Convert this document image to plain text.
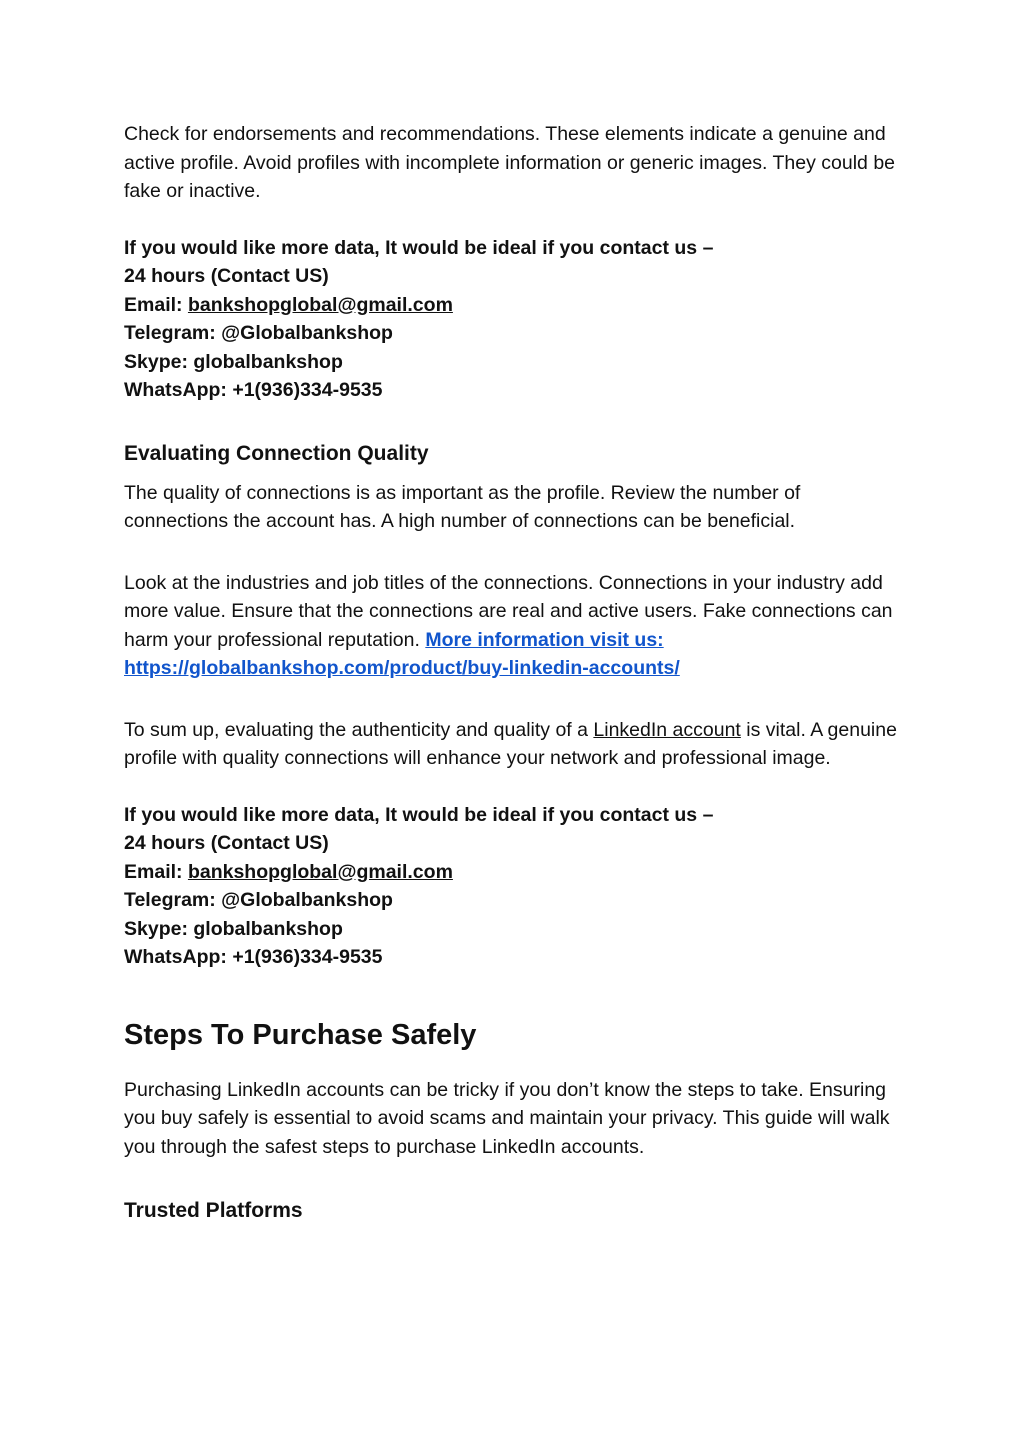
Check for endorsements and recommendations. These elements indicate a genuine and active profile. Avoid profiles with incomplete information or generic images. They could be fake or inactive.

If you would like more data, It would be ideal if you contact us –

24 hours (Contact US)

Email: bankshopglobal@gmail.com

Telegram: @Globalbankshop

Skype: globalbankshop

WhatsApp: +1(936)334-9535

Evaluating Connection Quality

The quality of connections is as important as the profile. Review the number of connections the account has. A high number of connections can be beneficial.

Look at the industries and job titles of the connections. Connections in your industry add more value. Ensure that the connections are real and active users. Fake connections can harm your professional reputation. More information visit us: https://globalbankshop.com/product/buy-linkedin-accounts/

To sum up, evaluating the authenticity and quality of a LinkedIn account is vital. A genuine profile with quality connections will enhance your network and professional image.

If you would like more data, It would be ideal if you contact us –

24 hours (Contact US)

Email: bankshopglobal@gmail.com

Telegram: @Globalbankshop

Skype: globalbankshop

WhatsApp: +1(936)334-9535

Steps To Purchase Safely

Purchasing LinkedIn accounts can be tricky if you don’t know the steps to take. Ensuring you buy safely is essential to avoid scams and maintain your privacy. This guide will walk you through the safest steps to purchase LinkedIn accounts.

Trusted Platforms
